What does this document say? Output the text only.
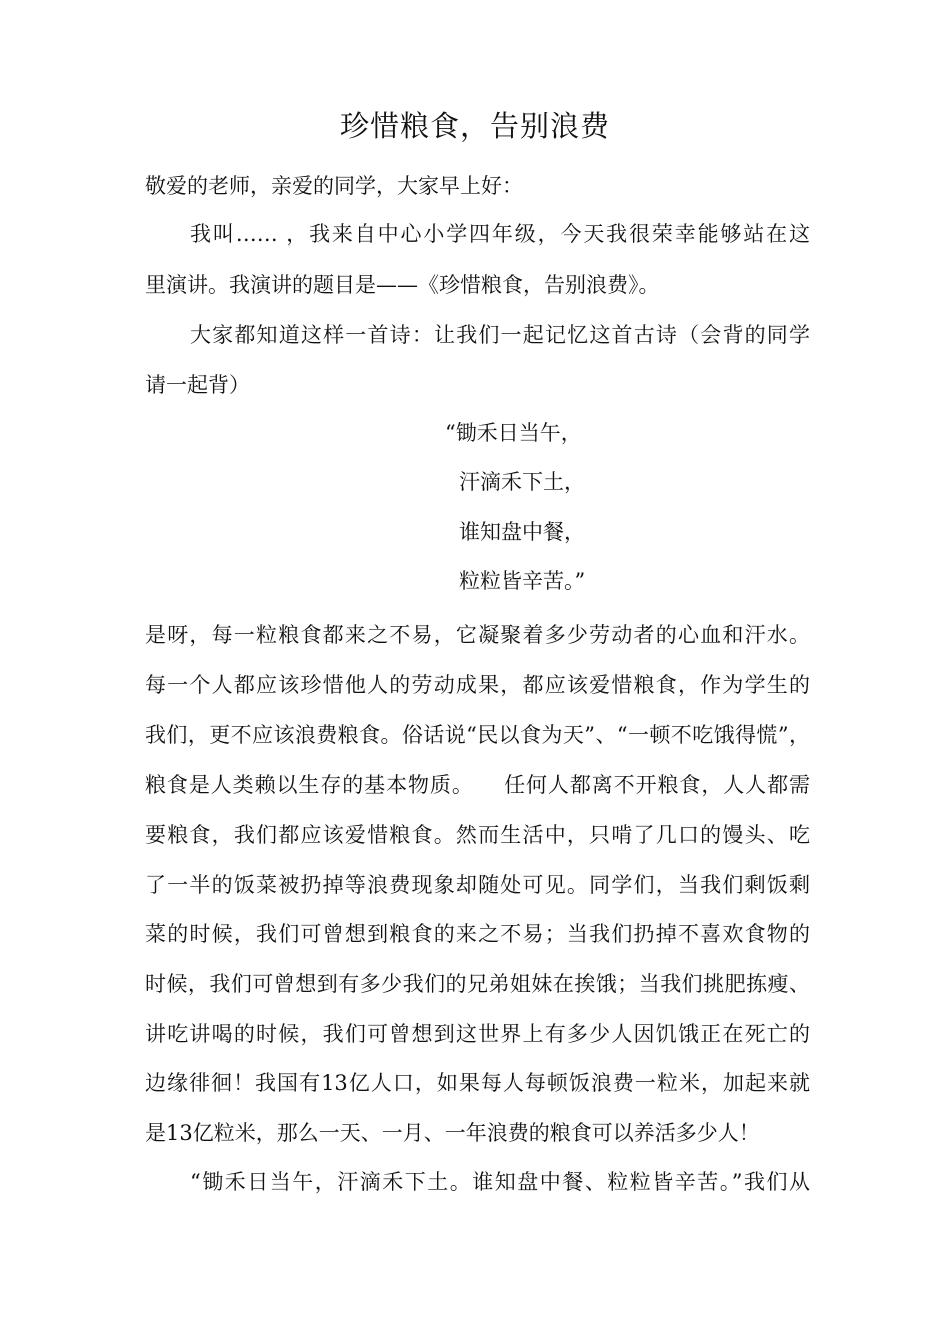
珍惜粮食，告别浪费
敬爱的老师，亲爱的同学，大家早上好：
我叫…… ，我来自中心小学四年级，今天我很荣幸能够站在这
里演讲。我演讲的题目是——《珍惜粮食，告别浪费》。
大家都知道这样一首诗：让我们一起记忆这首古诗（会背的同学
请一起背）
“锄禾日当午，
汗滴禾下土，
谁知盘中餐，
粒粒皆辛苦。”
是呀，每一粒粮食都来之不易，它凝聚着多少劳动者的心血和汗水。
每一个人都应该珍惜他人的劳动成果，都应该爱惜粮食，作为学生的
我们，更不应该浪费粮食。俗话说“民以食为天”、“一顿不吃饿得慌”，
粮食是人类赖以生存的基本物质。    任何人都离不开粮食，人人都需
要粮食，我们都应该爱惜粮食。然而生活中，只啃了几口的馒头、吃
了一半的饭菜被扔掉等浪费现象却随处可见。同学们，当我们剩饭剩
菜的时候，我们可曾想到粮食的来之不易；当我们扔掉不喜欢食物的
时候，我们可曾想到有多少我们的兄弟姐妹在挨饿；当我们挑肥拣瘦、
讲吃讲喝的时候，我们可曾想到这世界上有多少人因饥饿正在死亡的
边缘徘徊！我国有13亿人口，如果每人每顿饭浪费一粒米，加起来就
是13亿粒米，那么一天、一月、一年浪费的粮食可以养活多少人！
“锄禾日当午，汗滴禾下土。谁知盘中餐、粒粒皆辛苦。”我们从
